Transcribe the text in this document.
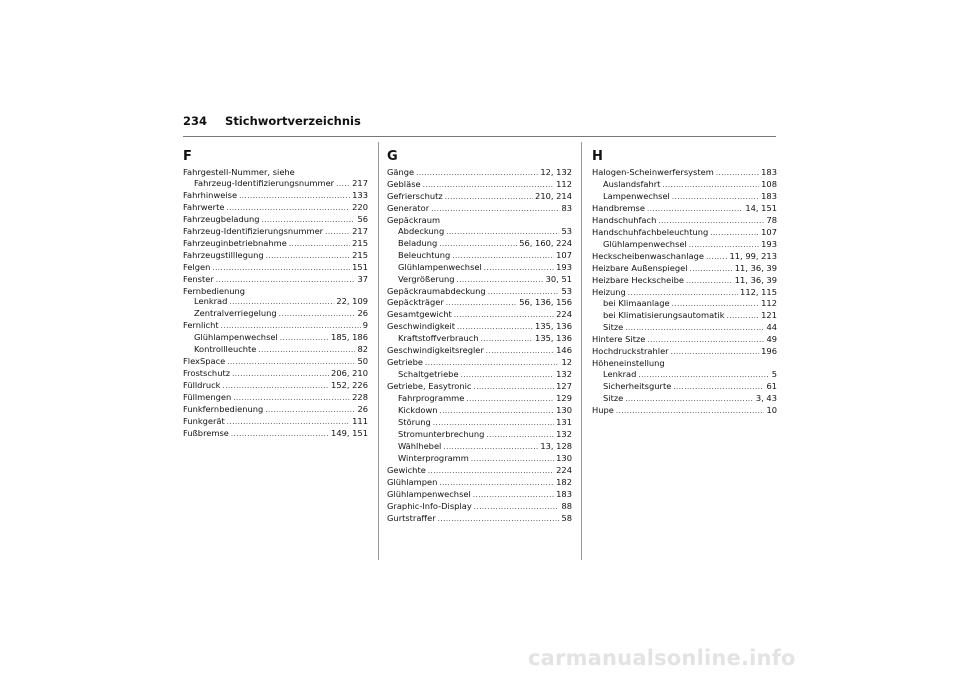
234 Stichwortverzeichnis
F
Fahrgestell-Nummer, siehe
Fahrzeug-Identifizierungsnummer ..... 217
Fahrhinweise .....	133
Fahrwerte .....	220
Fahrzeugbeladung .....	56
Fahrzeug-Identifizierungsnummer .....	217
Fahrzeuginbetriebnahme .....	215
Fahrzeugstilllegung .....	215
Felgen .....	151
Fenster .....	37
Fernbedienung
Lenkrad .....	22, 109
Zentralverriegelung .....	26
Fernlicht .....	9
Glühlampenwechsel .....	185, 186
Kontrollleuchte .....	82
FlexSpace .....	50
Frostschutz .....	206, 210
Fülldruck .....	152, 226
Füllmengen .....	228
Funkfernbedienung .....	26
Funkgerät .....	111
Fußbremse .....	149, 151
G
Gänge .....	12, 132
Gebläse .....	112
Gefrierschutz .....	210, 214
Generator .....	83
Gepäckraum
Abdeckung .....	53
Beladung .....	56, 160, 224
Beleuchtung .....	107
Glühlampenwechsel .....	193
Vergrößerung .....	30, 51
Gepäckraumabdeckung .....	53
Gepäckträger .....	56, 136, 156
Gesamtgewicht .....	224
Geschwindigkeit .....	135, 136
Kraftstoffverbrauch .....	135, 136
Geschwindigkeitsregler .....	146
Getriebe .....	12
Schaltgetriebe .....	132
Getriebe, Easytronic .....	127
Fahrprogramme .....	129
Kickdown .....	130
Störung .....	131
Stromunterbrechung .....	132
Wählhebel .....	13, 128
Winterprogramm .....	130
Gewichte .....	224
Glühlampen .....	182
Glühlampenwechsel .....	183
Graphic-Info-Display .....	88
Gurtstraffer .....	58
H
Halogen-Scheinwerfersystem .....	183
Auslandsfahrt .....	108
Lampenwechsel .....	183
Handbremse .....	14, 151
Handschuhfach .....	78
Handschuhfachbeleuchtung .....	107
Glühlampenwechsel .....	193
Heckscheibenwaschanlage .....	11, 99, 213
Heizbare Außenspiegel .....	11, 36, 39
Heizbare Heckscheibe .....	11, 36, 39
Heizung .....	112, 115
bei Klimaanlage .....	112
bei Klimatisierungsautomatik .....	121
Sitze .....	44
Hintere Sitze .....	49
Hochdruckstrahler .....	196
Höheneinstellung
Lenkrad .....	5
Sicherheitsgurte .....	61
Sitze .....	3, 43
Hupe .....	10
carmanualsonline.info
